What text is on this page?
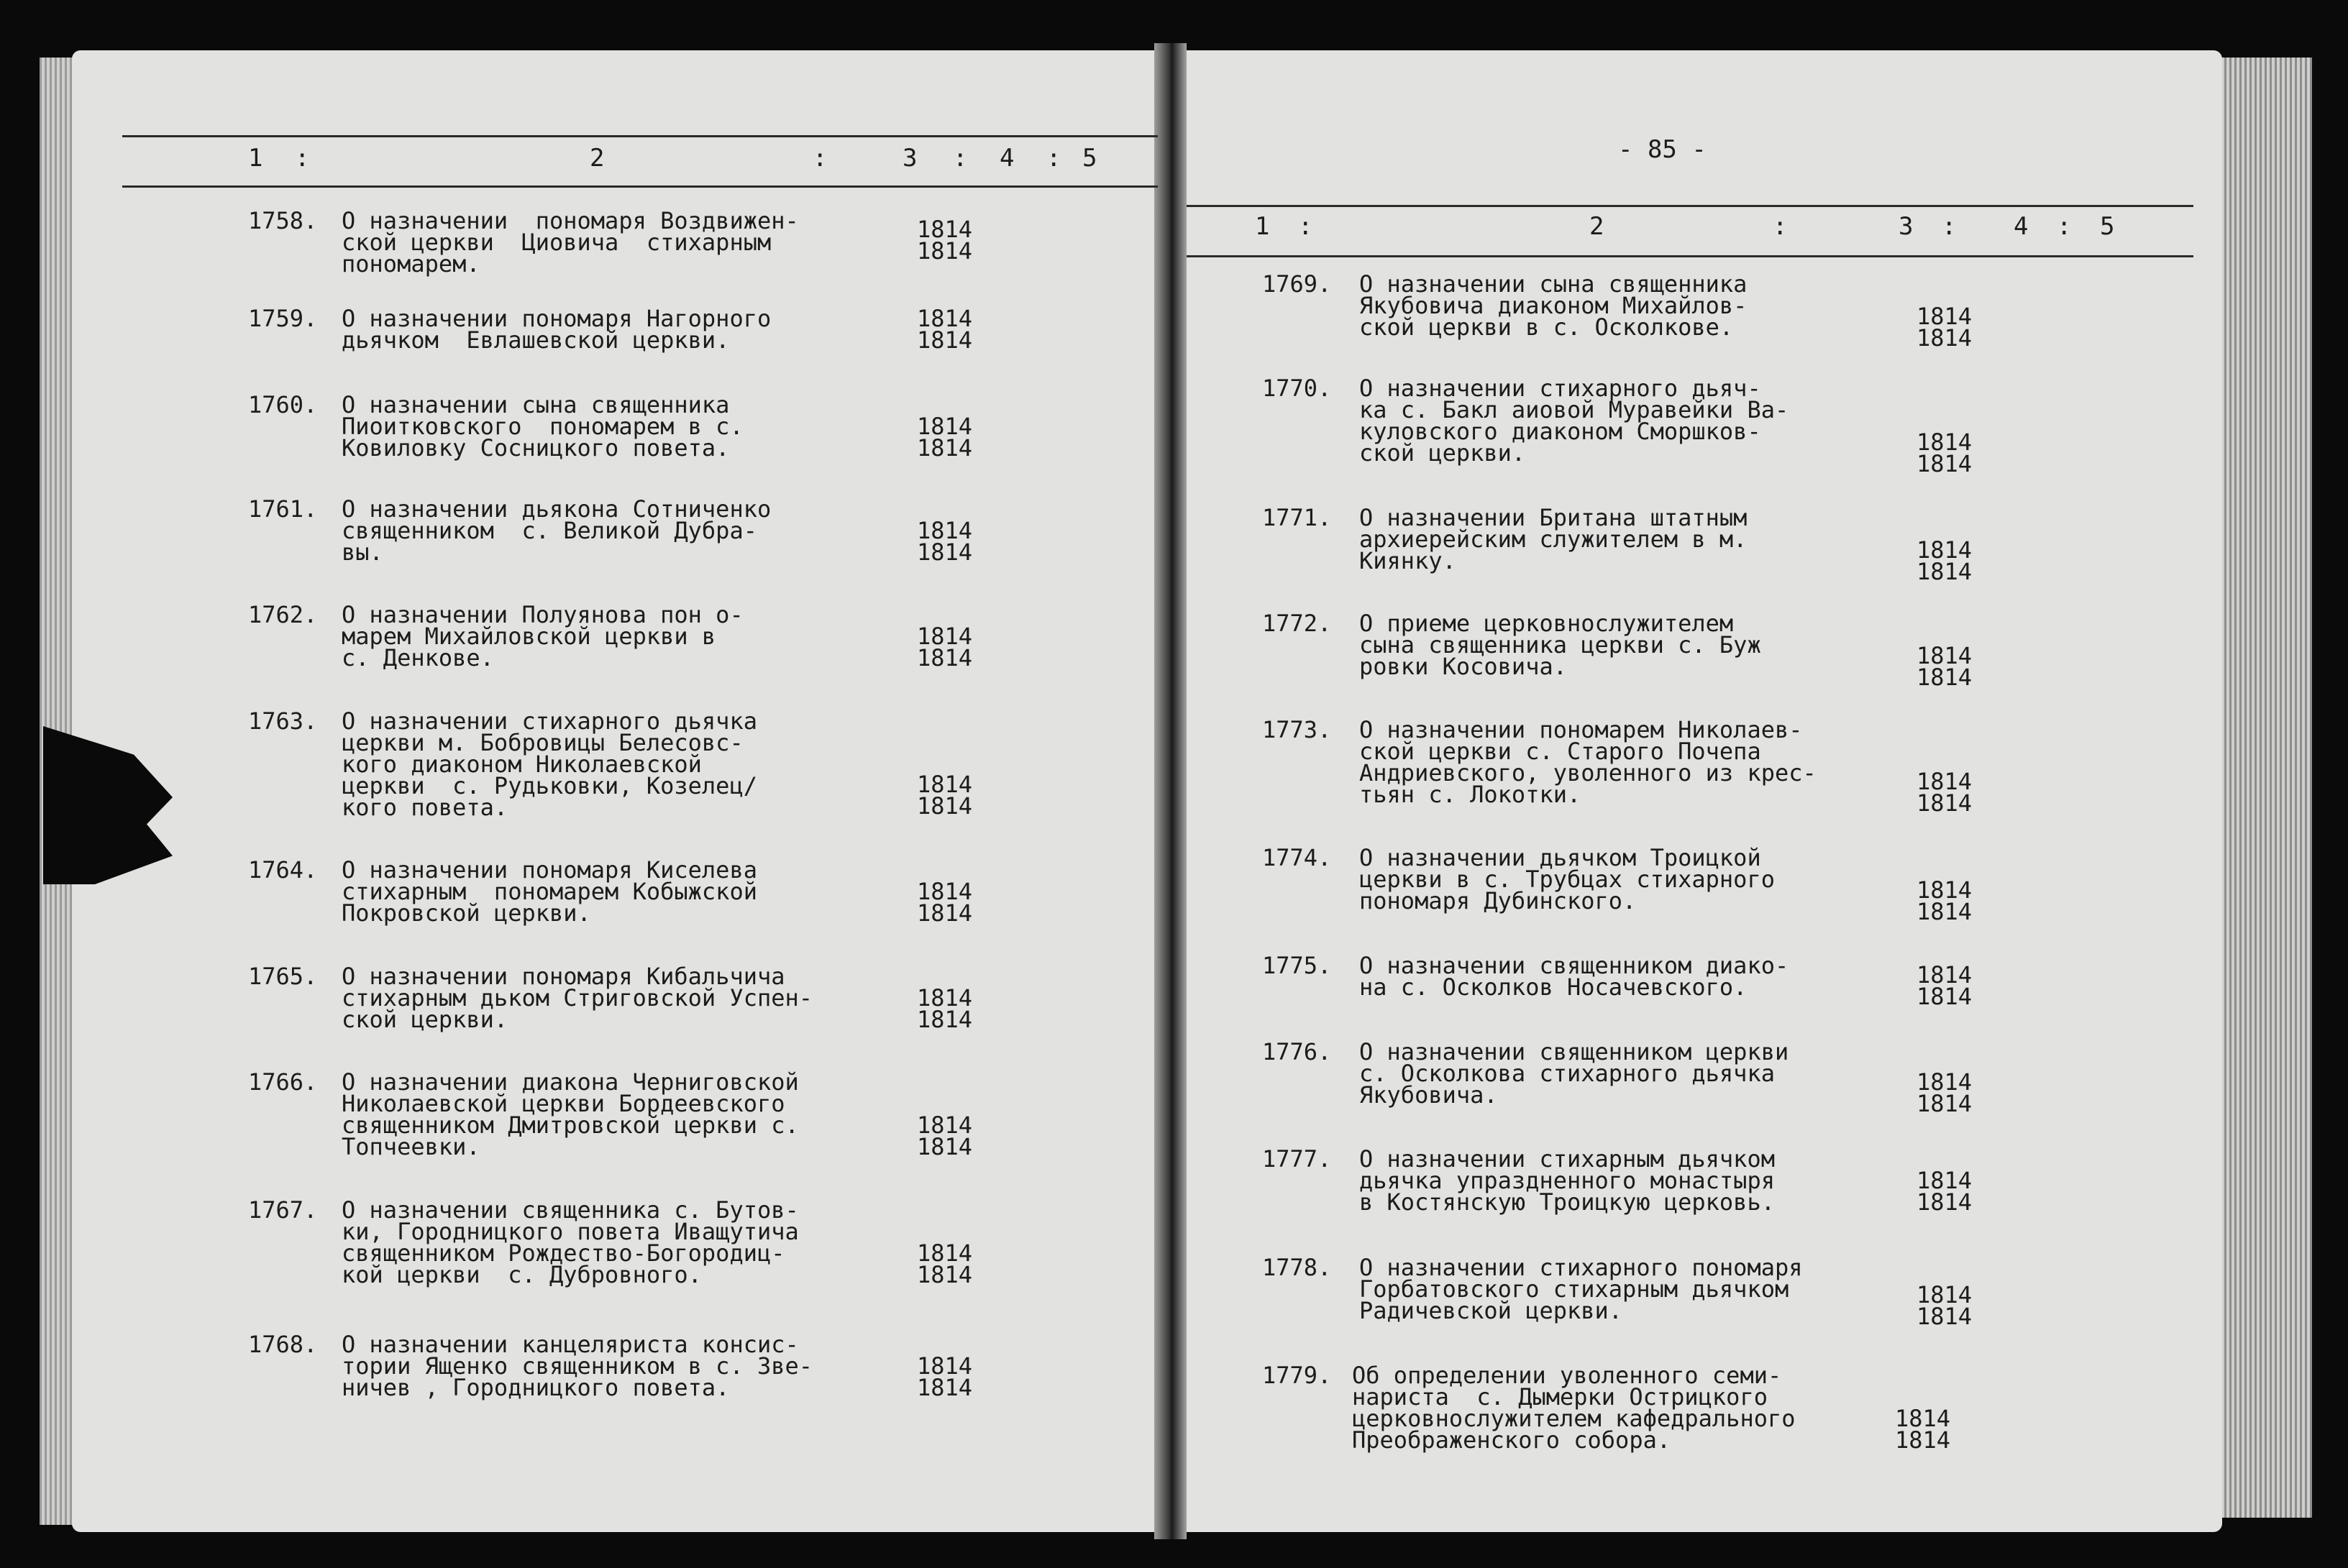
1 :	2	:	3 : 4 : 5
1758.	О назначении  пономаря Воздвижен-
ской церкви  Циовича  стихарным
пономарем.
1814
1814
1759.	О назначении пономаря Нагорного
дьячком  Евлашевской церкви.
1814
1814
1760.	О назначении сына священника
Пиоитковского  пономарем в с.
Ковиловку Сосницкого повета.
1814
1814
1761.	О назначении дьякона Сотниченко
священником  с. Великой Дубра-
вы.
1814
1814
1762.	О назначении Полуянова пон о-
марем Михайловской церкви в
с. Денкове.
1814
1814
1763.	О назначении стихарного дьячка
церкви м. Бобровицы Белесовс-
кого диаконом Николаевской
церкви  с. Рудьковки, Козелец/
кого повета.
1814
1814
1764.	О назначении пономаря Киселева
стихарным  пономарем Кобыжской
Покровской церкви.
1814
1814
1765.	О назначении пономаря Кибальчича
стихарным дьком Стриговской Успен-
ской церкви.
1814
1814
1766.	О назначении диакона Черниговской
Николаевской церкви Бордеевского
священником Дмитровской церкви с.
Топчеевки.
1814
1814
1767.	О назначении священника с. Бутов-
ки, Городницкого повета Иващутича
священником Рождество-Богородиц-
кой церкви  с. Дубровного.
1814
1814
1768.	О назначении канцеляриста консис-
тории Ященко священником в с. Звe-
ничев , Городницкого повета.
1814
1814
- 85 -
1 :	2	:	3 : 4 : 5
1769.	О назначении сына священника
Якубовича диаконом Михайлов-
ской церкви в с. Осколкове.	1814
1814
1770.	О назначении стихарного дьяч-
ка с. Бакл аиовой Муравейки Ва-
куловского диаконом Сморшков-
ской церкви.	1814
1814
1771.	О назначении Британа штатным
архиерейским служителем в м.
Киянку.	1814
1814
1772.	О приеме церковнослужителем
сына священника церкви с. Буж
ровки Косовича.	1814
1814
1773.	О назначении пономарем Николаев-
ской церкви с. Старого Почепа
Андриевского, уволенного из крес-
тьян с. Локотки.	1814
1814
1774.	О назначении дьячком Троицкой
церкви в с. Трубцах стихарного
пономаря Дубинского.	1814
1814
1775.	О назначении священником диако-
на с. Осколков Носачевского.	1814
1814
1776.	О назначении священником церкви
с. Осколкова стихарного дьячка
Якубовича.	1814
1814
1777.	О назначении стихарным дьячком
дьячка упраздненного монастыря
в Костянскую Троицкую церковь.
1814
1814
1778.	О назначении стихарного пономаря
Горбатовского стихарным дьячком
Радичевской церкви.
1814
1814
1779. Об определении уволенного семи-
нариста  с. Дымерки Острицкого
церковнослужителем кафедрального
Преображенского собора.
1814
1814
